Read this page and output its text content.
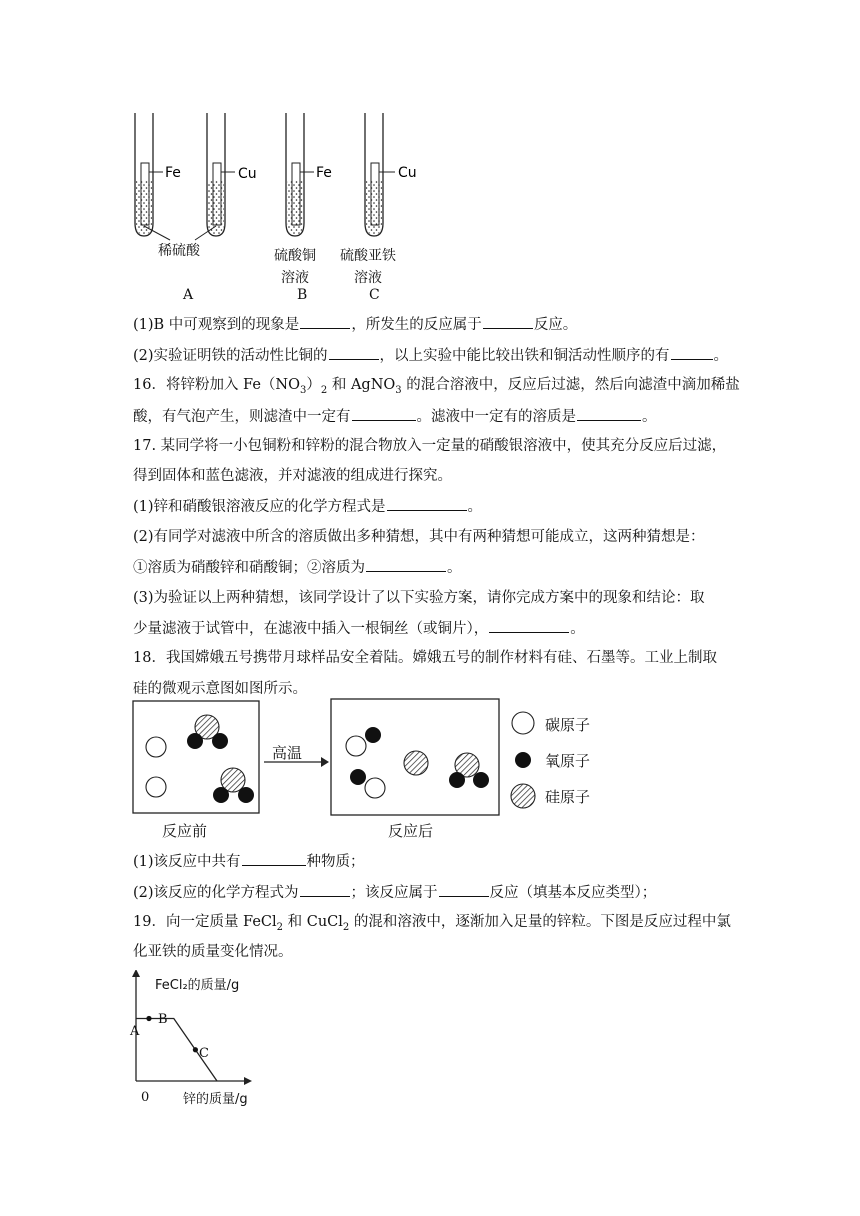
Fe	Cu	Fe	Cu
稀硫酸	硫酸铜
溶液
硫酸亚铁
溶液
A	B	C
(1)B 中可观察到的现象是	，所发生的反应属于	反应。
(2)实验证明铁的活动性比铜的	，以上实验中能比较出铁和铜活动性顺序的有	。
16．将锌粉加入 $Fe(NO_3)_2$ 和 AgNO$_3$ 的混合溶液中，反应后过滤，然后向滤渣中滴加稀盐
酸，有气泡产生，则滤渣中一定有	。滤液中一定有的溶质是	。
17. 某同学将一小包铜粉和锌粉的混合物放入一定量的硝酸银溶液中，使其充分反应后过滤，
得到固体和蓝色滤液，并对滤液的组成进行探究。
(1)锌和硝酸银溶液反应的化学方程式是	。
(2)有同学对滤液中所含的溶质做出多种猜想，其中有两种猜想可能成立，这两种猜想是：
①溶质为硝酸锌和硝酸铜；②溶质为	。
(3)为验证以上两种猜想，该同学设计了以下实验方案，请你完成方案中的现象和结论：取
少量滤液于试管中，在滤液中插入一根铜丝（或铜片），	。
18．我国嫦娥五号携带月球样品安全着陆。嫦娥五号的制作材料有硅、石墨等。工业上制取
硅的微观示意图如图所示。
高温
碳原子
氧原子
硅原子
反应前	反应后
(1)该反应中共有	种物质；
(2)该反应的化学方程式为	；该反应属于	反应（填基本反应类型）；
19．向一定质量 FeCl$_2$ 和 CuCl$_2$ 的混和溶液中，逐渐加入足量的锌粒。下图是反应过程中氯
化亚铁的质量变化情况。
FeCl₂的质量/g
锌的质量/g
0
A
B
C
